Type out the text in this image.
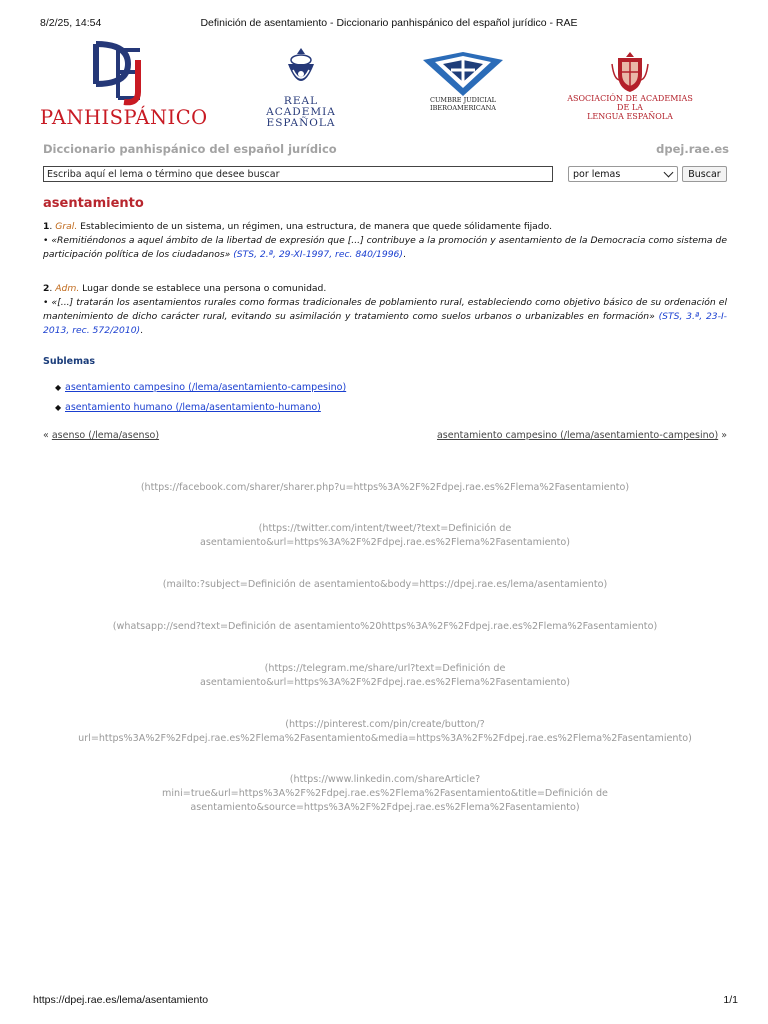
8/2/25, 14:54	Definición de asentamiento - Diccionario panhispánico del español jurídico - RAE
PANHISPÁNICO
REAL ACADEMIA
ESPAÑOLA
CUMBRE JUDICIAL
IBEROAMERICANA
ASOCIACIÓN DE ACADEMIAS DE LA
LENGUA ESPAÑOLA
Diccionario panhispánico del español jurídico	dpej.rae.es
Escriba aquí el lema o término que desee buscar	por lemas	Buscar
asentamiento

1. Gral. Establecimiento de un sistema, un régimen, una estructura, de manera que quede sólidamente fijado.

• «Remitiéndonos a aquel ámbito de la libertad de expresión que [...] contribuye a la promoción y asentamiento de la Democracia como sistema de participación política de los ciudadanos» (STS, 2.ª, 29-XI-1997, rec. 840/1996).

2. Adm. Lugar donde se establece una persona o comunidad.

• «[...] tratarán los asentamientos rurales como formas tradicionales de poblamiento rural, estableciendo como objetivo básico de su ordenación el mantenimiento de dicho carácter rural, evitando su asimilación y tratamiento como suelos urbanos o urbanizables en formación» (STS, 3.ª, 23-I-2013, rec. 572/2010).

Sublemas
◆ asentamiento campesino (/lema/asentamiento-campesino)
◆ asentamiento humano (/lema/asentamiento-humano)
« asenso (/lema/asenso)	asentamiento campesino (/lema/asentamiento-campesino) »
(https://facebook.com/sharer/sharer.php?u=https%3A%2F%2Fdpej.rae.es%2Flema%2Fasentamiento)
(https://twitter.com/intent/tweet/?text=Definición de
asentamiento&url=https%3A%2F%2Fdpej.rae.es%2Flema%2Fasentamiento)
(mailto:?subject=Definición de asentamiento&body=https://dpej.rae.es/lema/asentamiento)
(whatsapp://send?text=Definición de asentamiento%20https%3A%2F%2Fdpej.rae.es%2Flema%2Fasentamiento)
(https://telegram.me/share/url?text=Definición de
asentamiento&url=https%3A%2F%2Fdpej.rae.es%2Flema%2Fasentamiento)
(https://pinterest.com/pin/create/button/?
url=https%3A%2F%2Fdpej.rae.es%2Flema%2Fasentamiento&media=https%3A%2F%2Fdpej.rae.es%2Flema%2Fasentamiento)
(https://www.linkedin.com/shareArticle?
mini=true&url=https%3A%2F%2Fdpej.rae.es%2Flema%2Fasentamiento&title=Definición de
asentamiento&source=https%3A%2F%2Fdpej.rae.es%2Flema%2Fasentamiento)
https://dpej.rae.es/lema/asentamiento	1/1
